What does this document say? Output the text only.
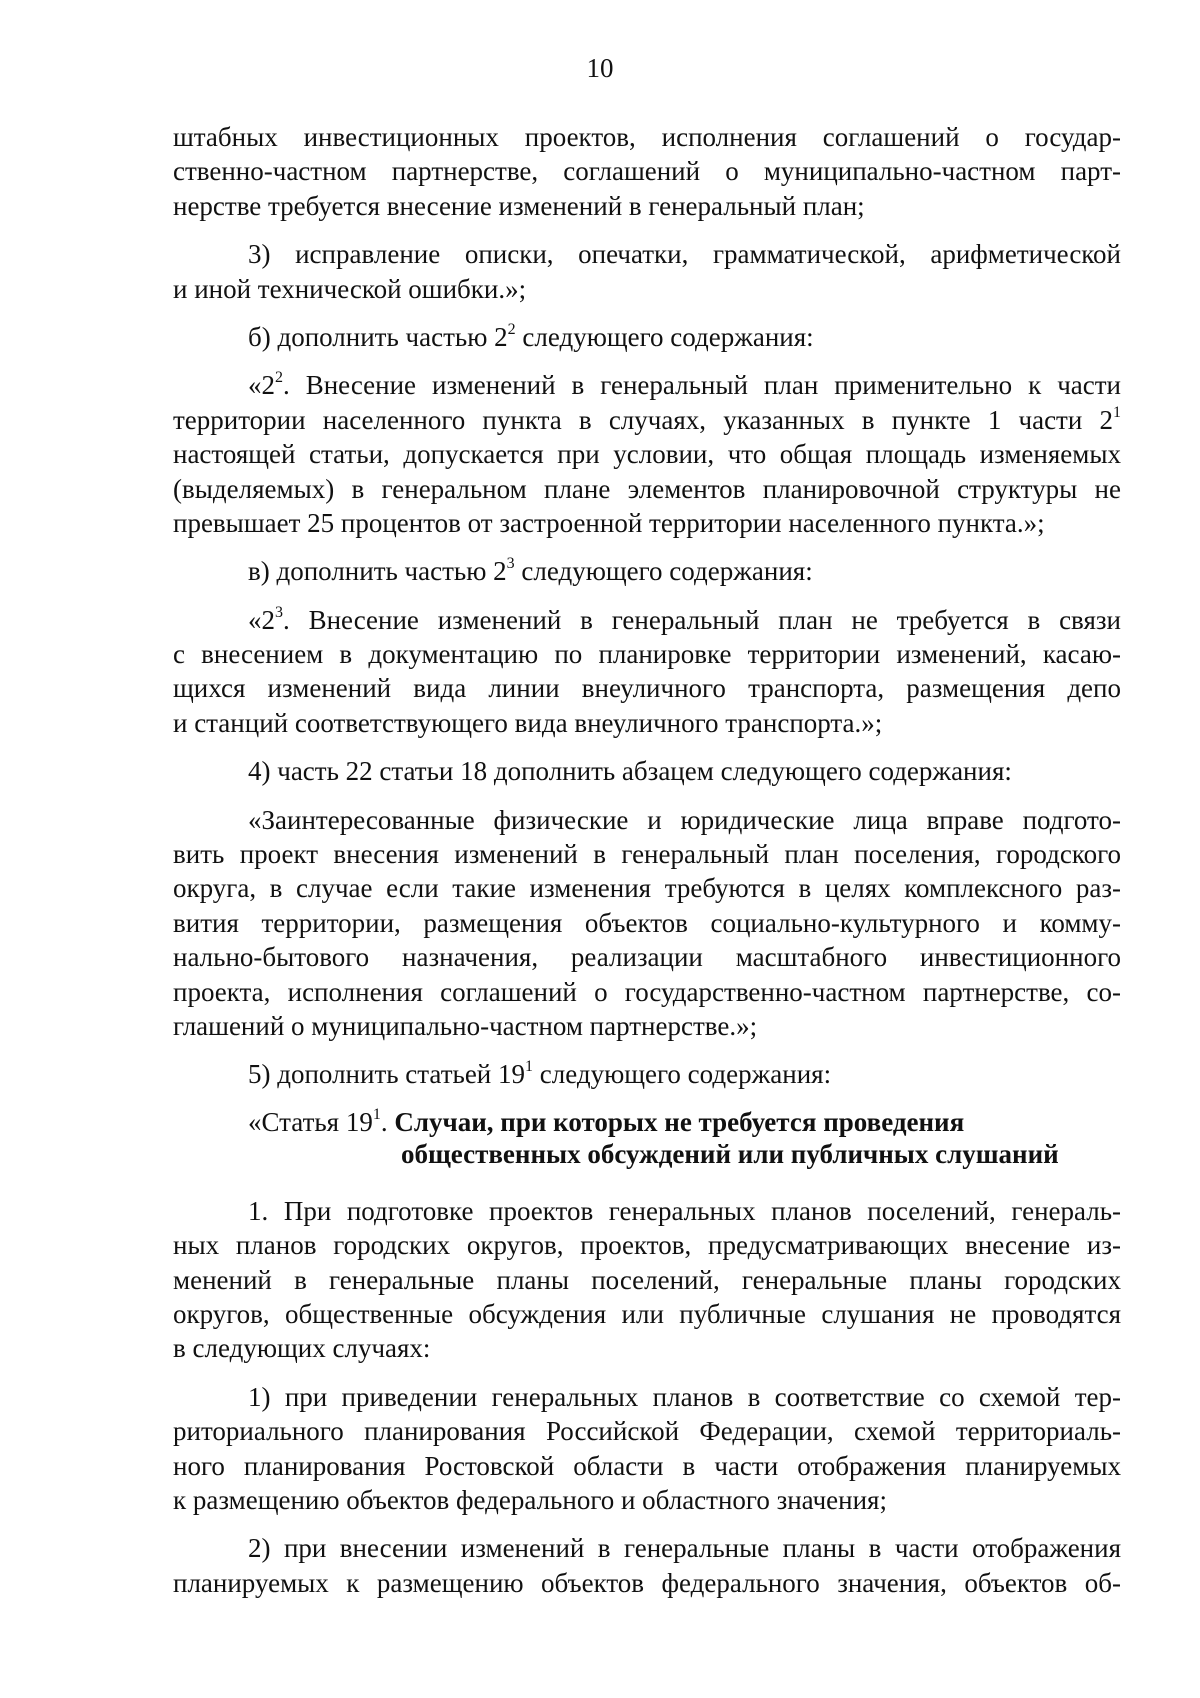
10
штабных инвестиционных проектов, исполнения соглашений о государ-
ственно-частном партнерстве, соглашений о муниципально-частном парт-
нерстве требуется внесение изменений в генеральный план;
3) исправление описки, опечатки, грамматической, арифметической
и иной технической ошибки.»;
б) дополнить частью $2^2$ следующего содержания:
«$2^2$. Внесение изменений в генеральный план применительно к части
территории населенного пункта в случаях, указанных в пункте 1 части $2^1$
настоящей статьи, допускается при условии, что общая площадь изменяемых
(выделяемых) в генеральном плане элементов планировочной структуры не
превышает 25 процентов от застроенной территории населенного пункта.»;
в) дополнить частью $2^3$ следующего содержания:
«$2^3$. Внесение изменений в генеральный план не требуется в связи
с внесением в документацию по планировке территории изменений, касаю-
щихся изменений вида линии внеуличного транспорта, размещения депо
и станций соответствующего вида внеуличного транспорта.»;
4) часть 22 статьи 18 дополнить абзацем следующего содержания:
«Заинтересованные физические и юридические лица вправе подгото-
вить проект внесения изменений в генеральный план поселения, городского
округа, в случае если такие изменения требуются в целях комплексного раз-
вития территории, размещения объектов социально-культурного и комму-
нально-бытового назначения, реализации масштабного инвестиционного
проекта, исполнения соглашений о государственно-частном партнерстве, со-
глашений о муниципально-частном партнерстве.»;
5) дополнить статьей $19^1$ следующего содержания:
«Статья $19^1$. Случаи, при которых не требуется проведения
общественных обсуждений или публичных слушаний
1. При подготовке проектов генеральных планов поселений, генераль-
ных планов городских округов, проектов, предусматривающих внесение из-
менений в генеральные планы поселений, генеральные планы городских
округов, общественные обсуждения или публичные слушания не проводятся
в следующих случаях:
1) при приведении генеральных планов в соответствие со схемой тер-
риториального планирования Российской Федерации, схемой территориаль-
ного планирования Ростовской области в части отображения планируемых
к размещению объектов федерального и областного значения;
2) при внесении изменений в генеральные планы в части отображения
планируемых к размещению объектов федерального значения, объектов об-
